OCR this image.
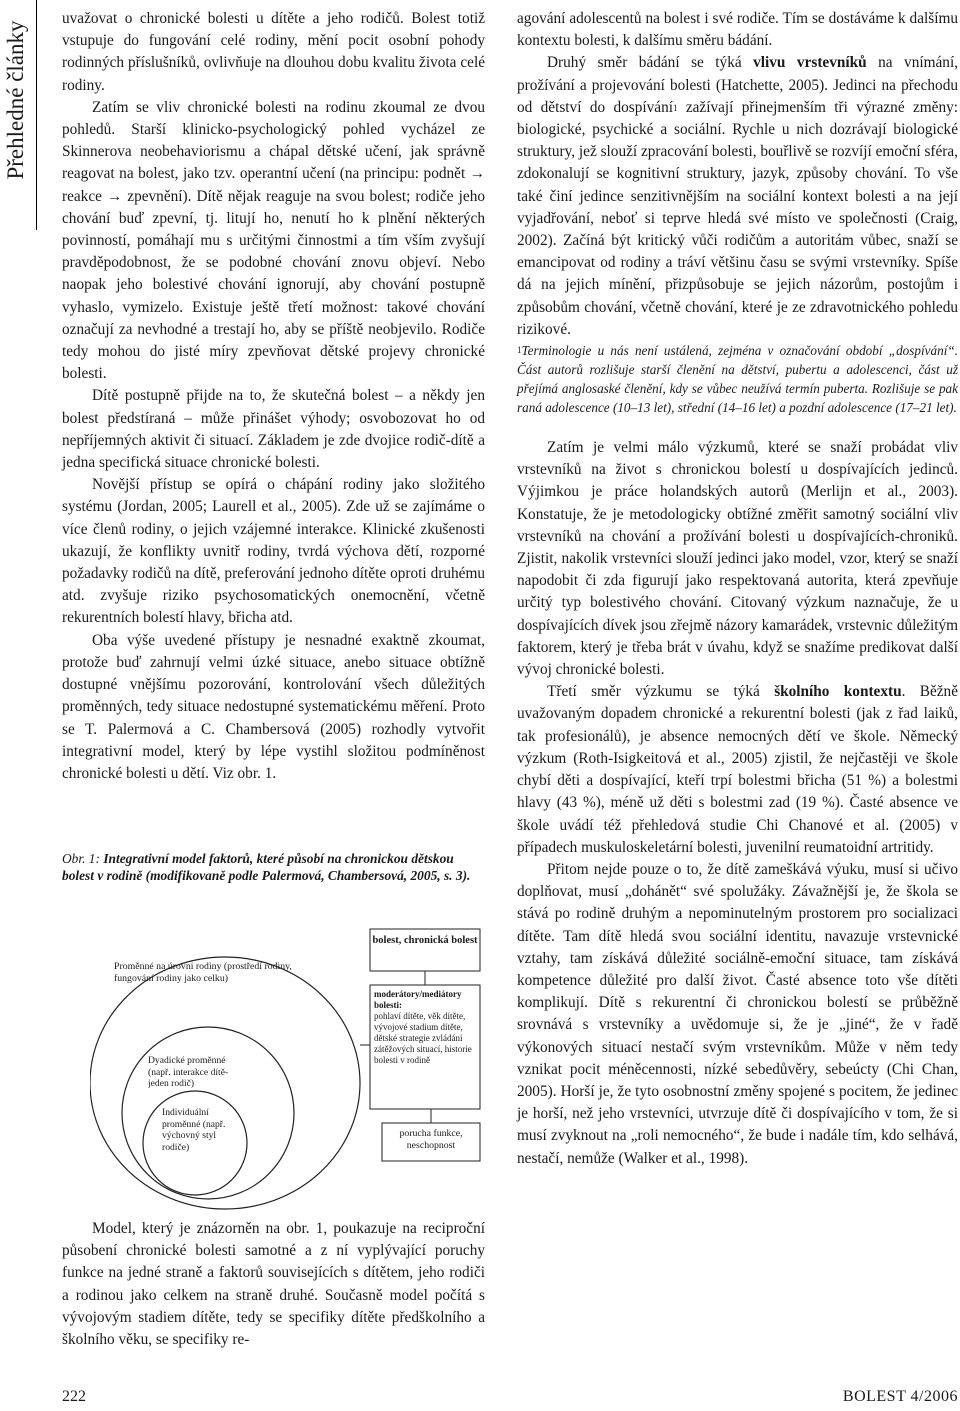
Přehledné články

uvažovat o chronické bolesti u dítěte a jeho rodičů. Bolest totiž vstupuje do fungování celé rodiny, mění pocit osobní pohody rodinných příslušníků, ovlivňuje na dlouhou dobu kvalitu života celé rodiny.

Zatím se vliv chronické bolesti na rodinu zkoumal ze dvou pohledů. Starší klinicko-psychologický pohled vycházel ze Skinnerova neobehaviorismu a chápal dětské učení, jak správně reagovat na bolest, jako tzv. operantní učení (na principu: podnět → reakce → zpevnění). Dítě nějak reaguje na svou bolest; rodiče jeho chování buď zpevní, tj. litují ho, nenutí ho k plnění některých povinností, pomáhají mu s určitými činnostmi a tím vším zvyšují pravděpodobnost, že se podobné chování znovu objeví. Nebo naopak jeho bolestivé chování ignorují, aby chování postupně vyhaslo, vymizelo. Existuje ještě třetí možnost: takové chování označují za nevhodné a trestají ho, aby se příště neobjevilo. Rodiče tedy mohou do jisté míry zpevňovat dětské projevy chronické bolesti.

Dítě postupně přijde na to, že skutečná bolest – a někdy jen bolest předstíraná – může přinášet výhody; osvobozovat ho od nepříjemných aktivit či situací. Základem je zde dvojice rodič-dítě a jedna specifická situace chronické bolesti.

Novější přístup se opírá o chápání rodiny jako složitého systému (Jordan, 2005; Laurell et al., 2005). Zde už se zajímáme o více členů rodiny, o jejich vzájemné interakce. Klinické zkušenosti ukazují, že konflikty uvnitř rodiny, tvrdá výchova dětí, rozporné požadavky rodičů na dítě, preferování jednoho dítěte oproti druhému atd. zvyšuje riziko psychosomatických onemocnění, včetně rekurentních bolestí hlavy, břicha atd.

Oba výše uvedené přístupy je nesnadné exaktně zkoumat, protože buď zahrnují velmi úzké situace, anebo situace obtížně dostupné vnějšímu pozorování, kontrolování všech důležitých proměnných, tedy situace nedostupné systematickému měření. Proto se T. Palermová a C. Chambersová (2005) rozhodly vytvořit integrativní model, který by lépe vystihl složitou podmíněnost chronické bolesti u dětí. Viz obr. 1.

Obr. 1: Integrativní model faktorů, které působí na chronickou dětskou bolest v rodině (modifikovaně podle Palermová, Chambersová, 2005, s. 3).
Proměnné na úrovni rodiny (prostředí rodiny, fungování rodiny jako celku)
Dyadické proměnné (např. interakce dítě-jeden rodič)
Individuální proměnné (např. výchovný styl rodiče)
bolest, chronická bolest
moderátory/mediátory bolesti:
pohlaví dítěte, věk dítěte, vývojové stadium dítěte, dětské strategie zvládání zátěžových situací, historie bolesti v rodině
porucha funkce, neschopnost

Model, který je znázorněn na obr. 1, poukazuje na reciproční působení chronické bolesti samotné a z ní vyplývající poruchy funkce na jedné straně a faktorů souvisejících s dítětem, jeho rodiči a rodinou jako celkem na straně druhé. Současně model počítá s vývojovým stadiem dítěte, tedy se specifiky dítěte předškolního a školního věku, se specifiky re-

agování adolescentů na bolest i své rodiče. Tím se dostáváme k dalšímu kontextu bolesti, k dalšímu směru bádání.

Druhý směr bádání se týká vlivu vrstevníků na vnímání, prožívání a projevování bolesti (Hatchette, 2005). Jedinci na přechodu od dětství do dospívání$^1$ zažívají přinejmenším tři výrazné změny: biologické, psychické a sociální. Rychle u nich dozrávají biologické struktury, jež slouží zpracování bolesti, bouřlivě se rozvíjí emoční sféra, zdokonalují se kognitivní struktury, jazyk, způsoby chování. To vše také činí jedince senzitivnějším na sociální kontext bolesti a na její vyjadřování, neboť si teprve hledá své místo ve společnosti (Craig, 2002). Začíná být kritický vůči rodičům a autoritám vůbec, snaží se emancipovat od rodiny a tráví většinu času se svými vrstevníky. Spíše dá na jejich mínění, přizpůsobuje se jejich názorům, postojům i způsobům chování, včetně chování, které je ze zdravotnického pohledu rizikové.

$^1$Terminologie u nás není ustálená, zejména v označování období „dospívání“. Část autorů rozlišuje starší členění na dětství, pubertu a adolescenci, část už přejímá anglosaské členění, kdy se vůbec neužívá termín puberta. Rozlišuje se pak raná adolescence (10–13 let), střední (14–16 let) a pozdní adolescence (17–21 let).

Zatím je velmi málo výzkumů, které se snaží probádat vliv vrstevníků na život s chronickou bolestí u dospívajících jedinců. Výjimkou je práce holandských autorů (Merlijn et al., 2003). Konstatuje, že je metodologicky obtížné změřit samotný sociální vliv vrstevníků na chování a prožívání bolesti u dospívajících-chroniků. Zjistit, nakolik vrstevníci slouží jedinci jako model, vzor, který se snaží napodobit či zda figurují jako respektovaná autorita, která zpevňuje určitý typ bolestivého chování. Citovaný výzkum naznačuje, že u dospívajících dívek jsou zřejmě názory kamarádek, vrstevnic důležitým faktorem, který je třeba brát v úvahu, když se snažíme predikovat další vývoj chronické bolesti.

Třetí směr výzkumu se týká školního kontextu. Běžně uvažovaným dopadem chronické a rekurentní bolesti (jak z řad laiků, tak profesionálů), je absence nemocných dětí ve škole. Německý výzkum (Roth-Isigkeitová et al., 2005) zjistil, že nejčastěji ve škole chybí děti a dospívající, kteří trpí bolestmi břicha (51 %) a bolestmi hlavy (43 %), méně už děti s bolestmi zad (19 %). Časté absence ve škole uvádí též přehledová studie Chi Chanové et al. (2005) v případech muskuloskeletární bolesti, juvenilní reumatoidní artritidy.

Přitom nejde pouze o to, že dítě zameškává výuku, musí si učivo doplňovat, musí „dohánět“ své spolužáky. Závažnější je, že škola se stává po rodině druhým a nepominutelným prostorem pro socializaci dítěte. Tam dítě hledá svou sociální identitu, navazuje vrstevnické vztahy, tam získává důležité sociálně-emoční situace, tam získává kompetence důležité pro další život. Časté absence toto vše dítěti komplikují. Dítě s rekurentní či chronickou bolestí se průběžně srovnává s vrstevníky a uvědomuje si, že je „jiné“, že v řadě výkonových situací nestačí svým vrstevníkům. Může v něm tedy vznikat pocit méněcennosti, nízké sebedůvěry, sebeúcty (Chi Chan, 2005). Horší je, že tyto osobnostní změny spojené s pocitem, že jedinec je horší, než jeho vrstevníci, utvrzuje dítě či dospívajícího v tom, že si musí zvyknout na „roli nemocného“, že bude i nadále tím, kdo selhává, nestačí, nemůže (Walker et al., 1998).

222	BOLEST 4/2006
